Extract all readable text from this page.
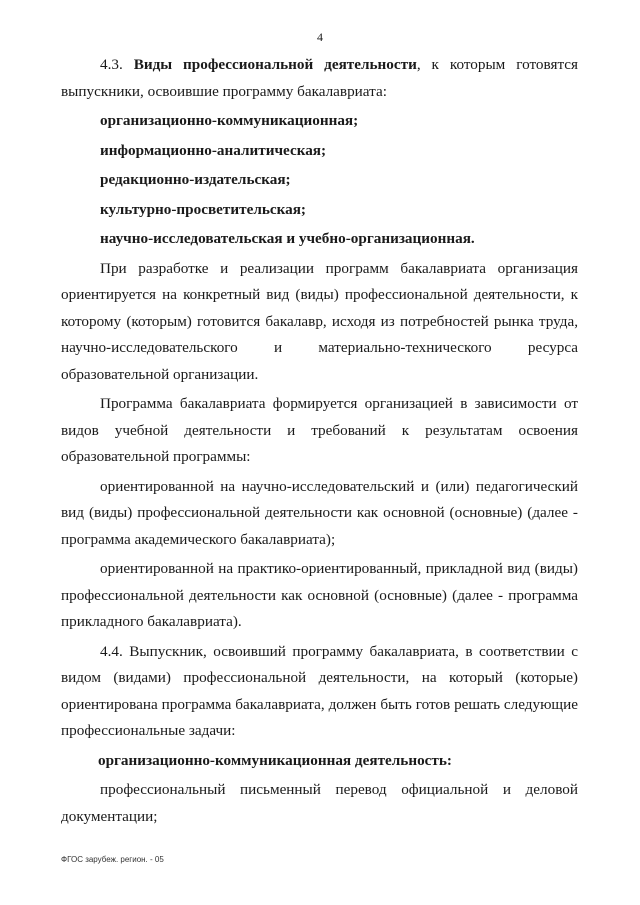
4

4.3. Виды профессиональной деятельности, к которым готовятся выпускники, освоившие программу бакалавриата:

организационно-коммуникационная;
информационно-аналитическая;
редакционно-издательская;
культурно-просветительская;
научно-исследовательская и учебно-организационная.

При разработке и реализации программ бакалавриата организация ориентируется на конкретный вид (виды) профессиональной деятельности, к которому (которым) готовится бакалавр, исходя из потребностей рынка труда, научно-исследовательского и материально-технического ресурса образовательной организации.

Программа бакалавриата формируется организацией в зависимости от видов учебной деятельности и требований к результатам освоения образовательной программы:

ориентированной на научно-исследовательский и (или) педагогический вид (виды) профессиональной деятельности как основной (основные) (далее - программа академического бакалавриата);

ориентированной на практико-ориентированный, прикладной вид (виды) профессиональной деятельности как основной (основные) (далее - программа прикладного бакалавриата).

4.4. Выпускник, освоивший программу бакалавриата, в соответствии с видом (видами) профессиональной деятельности, на который (которые) ориентирована программа бакалавриата, должен быть готов решать следующие профессиональные задачи:

организационно-коммуникационная деятельность:

профессиональный письменный перевод официальной и деловой документации;

ФГОС зарубеж. регион. - 05
